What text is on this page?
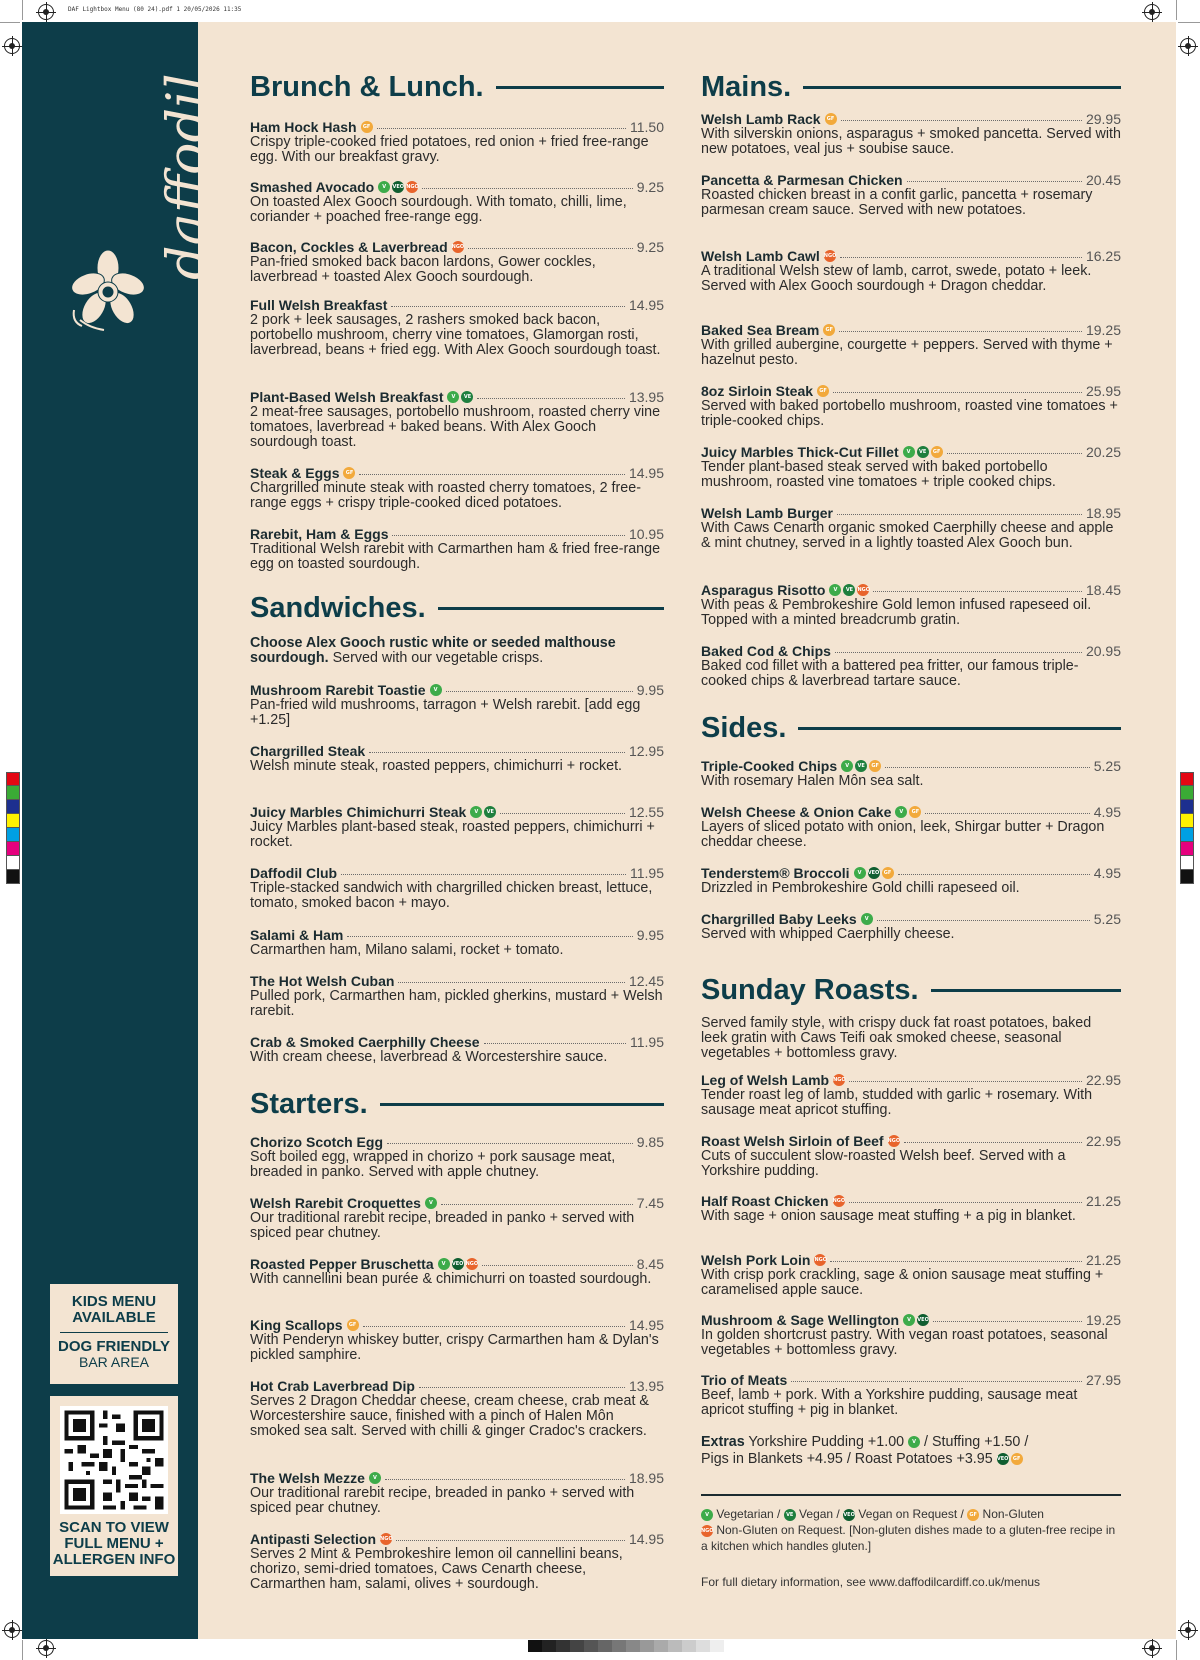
DAF Lightbox Menu (80 24).pdf 1 20/05/2026 11:35
daffodil
KIDS MENU
AVAILABLE
DOG FRIENDLY
BAR AREA
SCAN TO VIEW
FULL MENU +
ALLERGEN INFO
Brunch & Lunch.
Ham Hock Hash	GF	11.50
Crispy triple-cooked fried potatoes, red onion + fried free-range egg. With our breakfast gravy.
Smashed Avocado	V	VEO NGO	9.25
On toasted Alex Gooch sourdough. With tomato, chilli, lime, coriander + poached free-range egg.
Bacon, Cockles & Laverbread NGO	9.25
Pan-fried smoked back bacon lardons, Gower cockles, laverbread + toasted Alex Gooch sourdough.
Full Welsh Breakfast	14.95
2 pork + leek sausages, 2 rashers smoked back bacon, portobello mushroom, cherry vine tomatoes, Glamorgan rosti, laverbread, beans + fried egg. With Alex Gooch sourdough toast.
Plant-Based Welsh Breakfast	V	VE	13.95
2 meat-free sausages, portobello mushroom, roasted cherry vine tomatoes, laverbread + baked beans. With Alex Gooch sourdough toast.
Steak & Eggs	GF	14.95
Chargrilled minute steak with roasted cherry tomatoes, 2 free-range eggs + crispy triple-cooked diced potatoes.
Rarebit, Ham & Eggs	10.95
Traditional Welsh rarebit with Carmarthen ham & fried free-range egg on toasted sourdough.
Sandwiches.
Choose Alex Gooch rustic white or seeded malthouse sourdough. Served with our vegetable crisps.
Mushroom Rarebit Toastie	V	9.95
Pan-fried wild mushrooms, tarragon + Welsh rarebit. [add egg +1.25]
Chargrilled Steak	12.95
Welsh minute steak, roasted peppers, chimichurri + rocket.
Juicy Marbles Chimichurri Steak	V	VE	12.55
Juicy Marbles plant-based steak, roasted peppers, chimichurri + rocket.
Daffodil Club	11.95
Triple-stacked sandwich with chargrilled chicken breast, lettuce, tomato, smoked bacon + mayo.
Salami & Ham	9.95
Carmarthen ham, Milano salami, rocket + tomato.
The Hot Welsh Cuban	12.45
Pulled pork, Carmarthen ham, pickled gherkins, mustard + Welsh rarebit.
Crab & Smoked Caerphilly Cheese	11.95
With cream cheese, laverbread & Worcestershire sauce.
Starters.
Chorizo Scotch Egg	9.85
Soft boiled egg, wrapped in chorizo + pork sausage meat, breaded in panko. Served with apple chutney.
Welsh Rarebit Croquettes	V	7.45
Our traditional rarebit recipe, breaded in panko + served with spiced pear chutney.
Roasted Pepper Bruschetta	V	VEO NGO	8.45
With cannellini bean purée & chimichurri on toasted sourdough.
King Scallops	GF	14.95
With Penderyn whiskey butter, crispy Carmarthen ham & Dylan's pickled samphire.
Hot Crab Laverbread Dip	13.95
Serves 2 Dragon Cheddar cheese, cream cheese, crab meat & Worcestershire sauce, finished with a pinch of Halen Môn smoked sea salt. Served with chilli & ginger Cradoc's crackers.
The Welsh Mezze	V	18.95
Our traditional rarebit recipe, breaded in panko + served with spiced pear chutney.
Antipasti Selection NGO	14.95
Serves 2 Mint & Pembrokeshire lemon oil cannellini beans, chorizo, semi-dried tomatoes, Caws Cenarth cheese, Carmarthen ham, salami, olives + sourdough.
Mains.
Welsh Lamb Rack	GF	29.95
With silverskin onions, asparagus + smoked pancetta. Served with new potatoes, veal jus + soubise sauce.
Pancetta & Parmesan Chicken	20.45
Roasted chicken breast in a confit garlic, pancetta + rosemary parmesan cream sauce. Served with new potatoes.
Welsh Lamb Cawl NGO	16.25
A traditional Welsh stew of lamb, carrot, swede, potato + leek. Served with Alex Gooch sourdough + Dragon cheddar.
Baked Sea Bream	GF	19.25
With grilled aubergine, courgette + peppers. Served with thyme + hazelnut pesto.
8oz Sirloin Steak	GF	25.95
Served with baked portobello mushroom, roasted vine tomatoes + triple-cooked chips.
Juicy Marbles Thick-Cut Fillet	V	VE	GF	20.25
Tender plant-based steak served with baked portobello mushroom, roasted vine tomatoes + triple cooked chips.
Welsh Lamb Burger	18.95
With Caws Cenarth organic smoked Caerphilly cheese and apple & mint chutney, served in a lightly toasted Alex Gooch bun.
Asparagus Risotto	V	VE NGO	18.45
With peas & Pembrokeshire Gold lemon infused rapeseed oil. Topped with a minted breadcrumb gratin.
Baked Cod & Chips	20.95
Baked cod fillet with a battered pea fritter, our famous triple-cooked chips & laverbread tartare sauce.
Sides.
Triple-Cooked Chips	V	VE	GF	5.25
With rosemary Halen Môn sea salt.
Welsh Cheese & Onion Cake	V	GF	4.95
Layers of sliced potato with onion, leek, Shirgar butter + Dragon cheddar cheese.
Tenderstem® Broccoli	V	VEO GF	4.95
Drizzled in Pembrokeshire Gold chilli rapeseed oil.
Chargrilled Baby Leeks	V	5.25
Served with whipped Caerphilly cheese.
Sunday Roasts.
Served family style, with crispy duck fat roast potatoes, baked leek gratin with Caws Teifi oak smoked cheese, seasonal vegetables + bottomless gravy.
Leg of Welsh Lamb NGO	22.95
Tender roast leg of lamb, studded with garlic + rosemary. With sausage meat apricot stuffing.
Roast Welsh Sirloin of Beef NGO	22.95
Cuts of succulent slow-roasted Welsh beef. Served with a Yorkshire pudding.
Half Roast Chicken NGO	21.25
With sage + onion sausage meat stuffing + a pig in blanket.
Welsh Pork Loin NGO	21.25
With crisp pork crackling, sage & onion sausage meat stuffing + caramelised apple sauce.
Mushroom & Sage Wellington	V	VEO	19.25
In golden shortcrust pastry. With vegan roast potatoes, seasonal vegetables + bottomless gravy.
Trio of Meats	27.95
Beef, lamb + pork. With a Yorkshire pudding, sausage meat apricot stuffing + pig in blanket.
Extras Yorkshire Pudding +1.00 V / Stuffing +1.50 /
Pigs in Blankets +4.95 / Roast Potatoes +3.95 VEO GF
V Vegetarian / VE Vegan / VEO Vegan on Request / GF Non-Gluten
NGO Non-Gluten on Request. [Non-gluten dishes made to a gluten-free recipe in a kitchen which handles gluten.]
For full dietary information, see www.daffodilcardiff.co.uk/menus
